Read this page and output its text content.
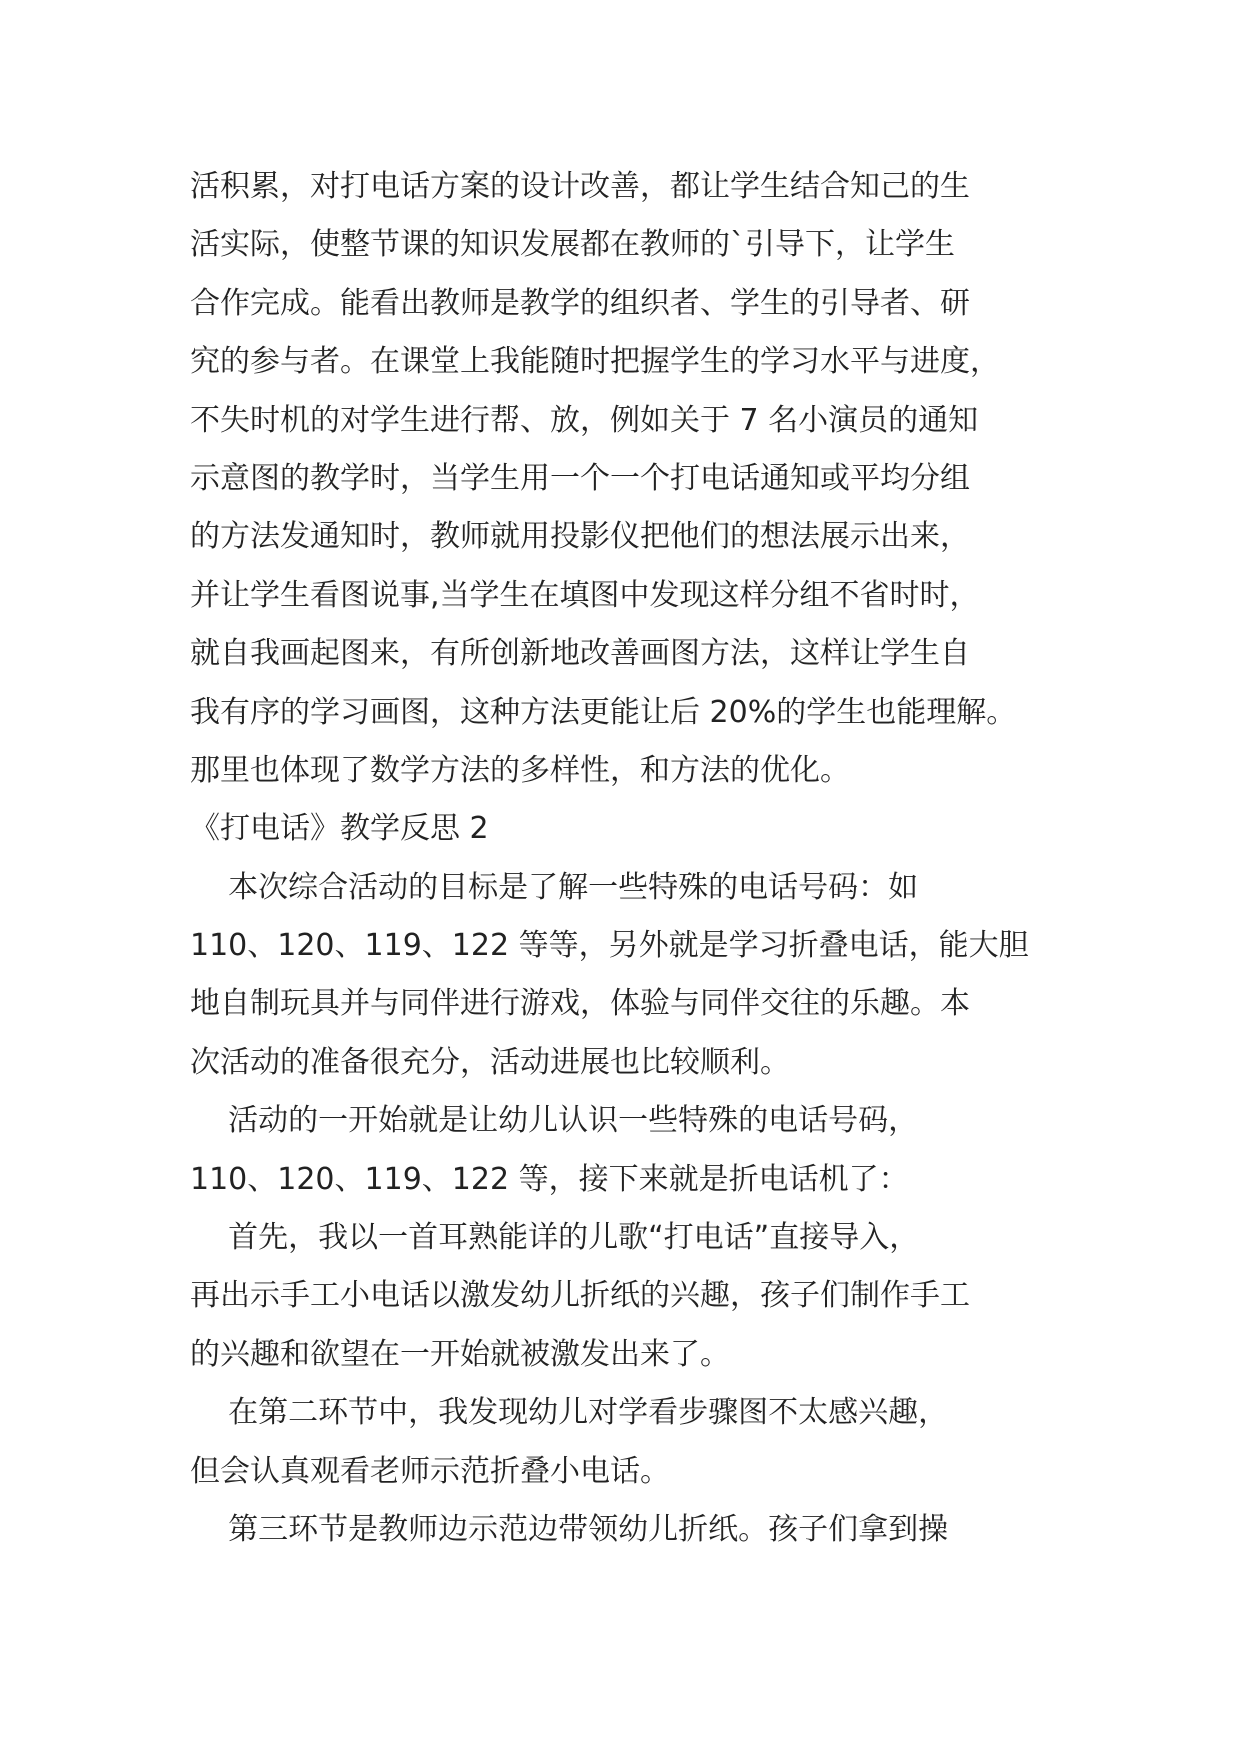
活积累，对打电话方案的设计改善，都让学生结合知己的生
活实际，使整节课的知识发展都在教师的`引导下，让学生
合作完成。能看出教师是教学的组织者、学生的引导者、研
究的参与者。在课堂上我能随时把握学生的学习水平与进度，
不失时机的对学生进行帮、放，例如关于 7 名小演员的通知
示意图的教学时，当学生用一个一个打电话通知或平均分组
的方法发通知时，教师就用投影仪把他们的想法展示出来，
并让学生看图说事,当学生在填图中发现这样分组不省时时，
就自我画起图来，有所创新地改善画图方法，这样让学生自
我有序的学习画图，这种方法更能让后 20%的学生也能理解。
那里也体现了数学方法的多样性，和方法的优化。
《打电话》教学反思 2
本次综合活动的目标是了解一些特殊的电话号码：如
110、120、119、122 等等，另外就是学习折叠电话，能大胆
地自制玩具并与同伴进行游戏，体验与同伴交往的乐趣。本
次活动的准备很充分，活动进展也比较顺利。
活动的一开始就是让幼儿认识一些特殊的电话号码，
110、120、119、122 等，接下来就是折电话机了：
首先，我以一首耳熟能详的儿歌“打电话”直接导入，
再出示手工小电话以激发幼儿折纸的兴趣，孩子们制作手工
的兴趣和欲望在一开始就被激发出来了。
在第二环节中，我发现幼儿对学看步骤图不太感兴趣，
但会认真观看老师示范折叠小电话。
第三环节是教师边示范边带领幼儿折纸。孩子们拿到操
